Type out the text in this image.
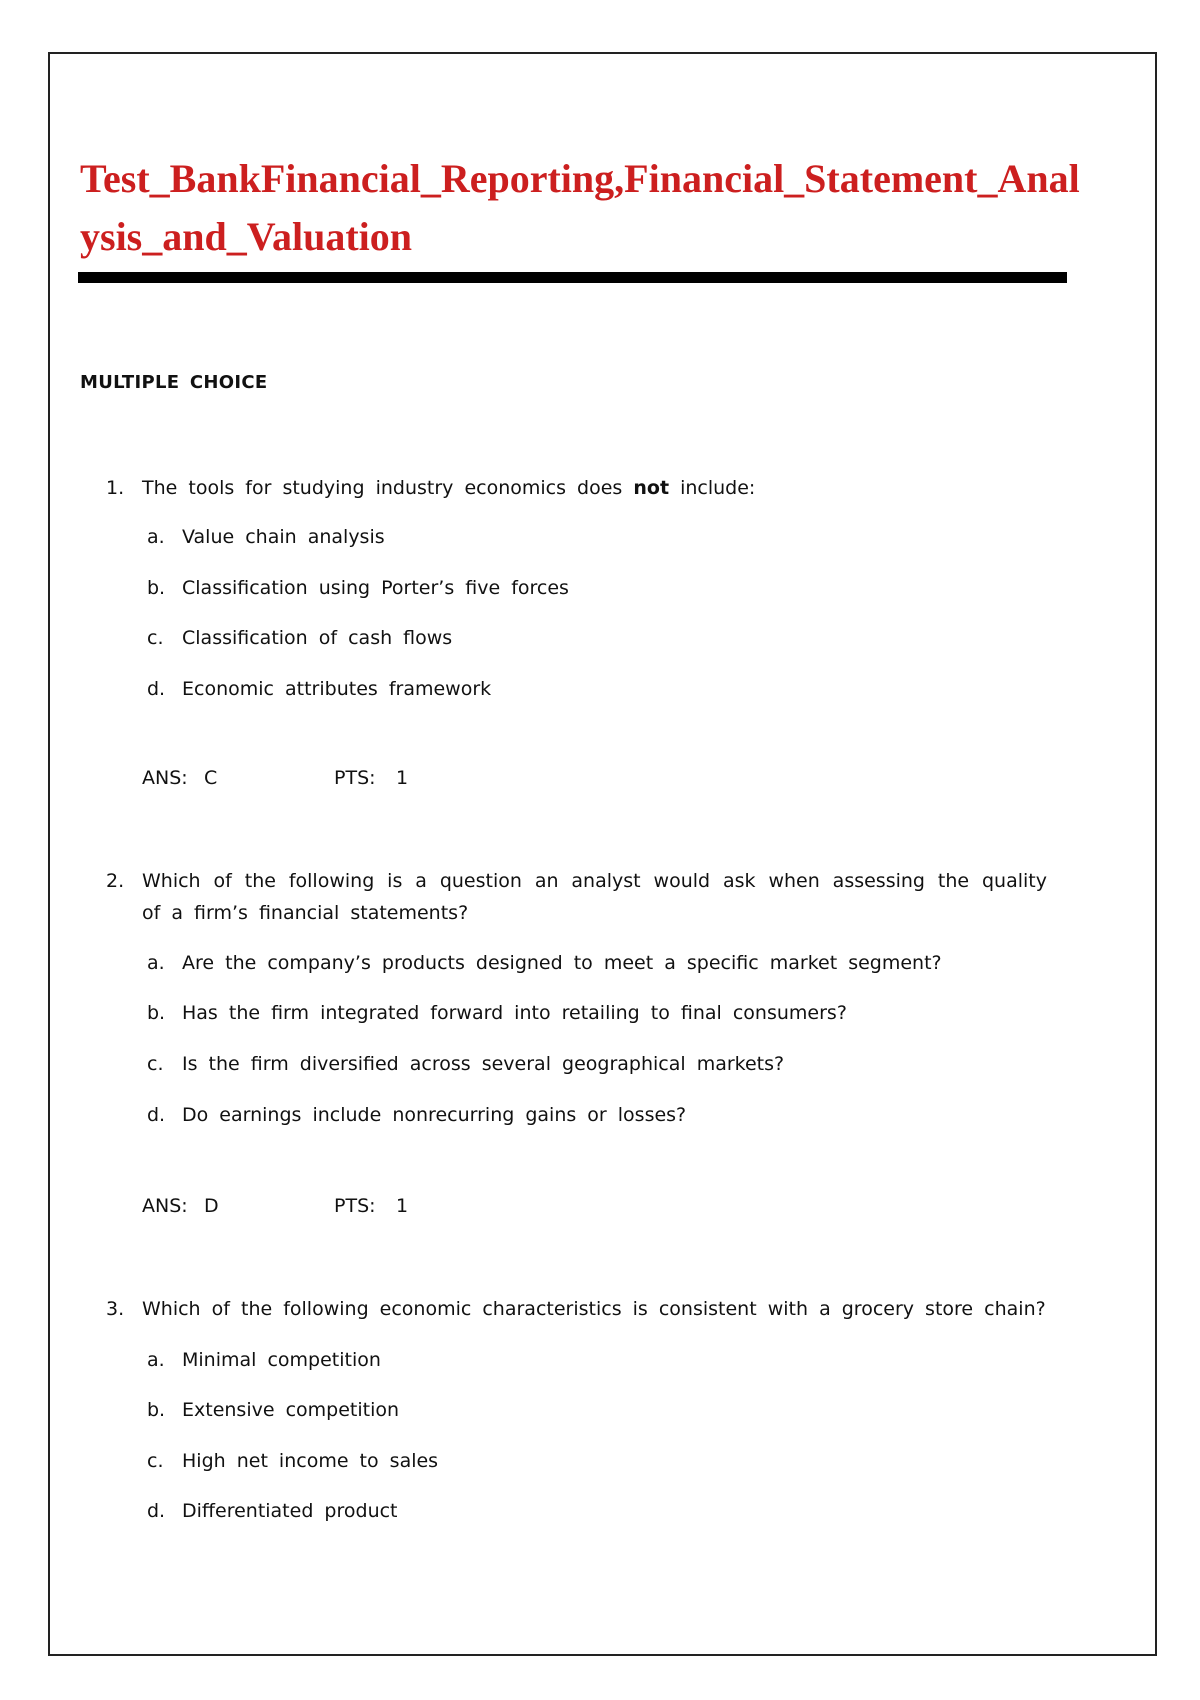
Test_BankFinancial_Reporting,Financial_Statement_Analysis_and_Valuation
MULTIPLE CHOICE
1. The tools for studying industry economics does not include:
a. Value chain analysis
b. Classification using Porter’s five forces
c. Classification of cash flows
d. Economic attributes framework
ANS: C	PTS: 1
2. Which of the following is a question an analyst would ask when assessing the quality of a firm’s financial statements?
a. Are the company’s products designed to meet a specific market segment?
b. Has the firm integrated forward into retailing to final consumers?
c. Is the firm diversified across several geographical markets?
d. Do earnings include nonrecurring gains or losses?
ANS: D	PTS: 1
3. Which of the following economic characteristics is consistent with a grocery store chain?
a. Minimal competition
b. Extensive competition
c. High net income to sales
d. Differentiated product
